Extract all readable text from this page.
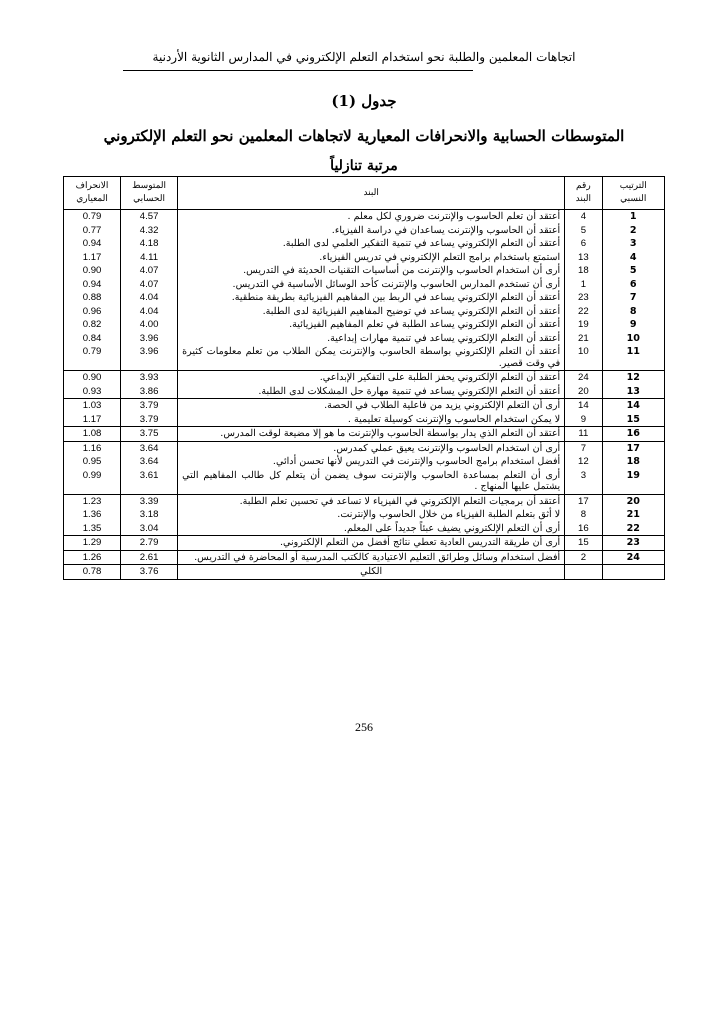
اتجاهات المعلمين والطلبة نحو استخدام التعلم الإلكتروني في المدارس الثانوية الأردنية
جدول (1)
المتوسطات الحسابية والانحرافات المعيارية لاتجاهات المعلمين نحو التعلم الإلكتروني
مرتبة تنازلياً
الترتيب النسبي	رقم البند	البند	المتوسط الحسابي	الانحراف المعياري
1	4	أعتقد أن تعلم الحاسوب والإنترنت ضروري لكل معلم .	4.57	0.79
2	5	أعتقد أن الحاسوب والإنترنت يساعدان في دراسة الفيزياء.	4.32	0.77
3	6	أعتقد أن التعلم الإلكتروني يساعد في تنمية التفكير العلمي لدى الطلبة.	4.18	0.94
4	13	استمتع باستخدام برامج التعلم الإلكتروني في تدريس الفيزياء.	4.11	1.17
5	18	أرى أن استخدام الحاسوب والإنترنت من أساسيات التقنيات الحديثة في التدريس.	4.07	0.90
6	1	أرى أن تستخدم المدارس الحاسوب والإنترنت كأحد الوسائل الأساسية في التدريس.	4.07	0.94
7	23	أعتقد أن التعلم الإلكتروني يساعد في الربط بين المفاهيم الفيزيائية بطريقة منطقية.	4.04	0.88
8	22	أعتقد أن التعلم الإلكتروني يساعد في توضيح المفاهيم الفيزيائية لدى الطلبة.	4.04	0.96
9	19	أعتقد أن التعلم الإلكتروني يساعد الطلبة في تعلم المفاهيم الفيزيائية.	4.00	0.82
10	21	أعتقد أن التعلم الإلكتروني يساعد في تنمية مهارات إبداعية.	3.96	0.84
11	10	أعتقد أن التعلم الإلكتروني بواسطة الحاسوب والإنترنت يمكن الطلاب من تعلم معلومات كثيرة في وقت قصير.	3.96	0.79
12	24	أعتقد أن التعلم الإلكتروني يحفز الطلبة على التفكير الإبداعي.	3.93	0.90
13	20	أعتقد أن التعلم الإلكتروني يساعد في تنمية مهارة حل المشكلات لدى الطلبة.	3.86	0.93
14	14	أرى أن التعلم الإلكتروني يزيد من فاعلية الطلاب في الحصة.	3.79	1.03
15	9	لا يمكن استخدام الحاسوب والإنترنت كوسيلة تعليمية .	3.79	1.17
16	11	أعتقد أن التعلم الذي يدار بواسطة الحاسوب والإنترنت ما هو إلا مضيعة لوقت المدرس.	3.75	1.08
17	7	أرى أن استخدام الحاسوب والإنترنت يعيق عملي كمدرس.	3.64	1.16
18	12	أفضل استخدام برامج الحاسوب والإنترنت في التدريس لأنها تحسن أدائي.	3.64	0.95
19	3	أرى أن التعلم بمساعدة الحاسوب والإنترنت سوف يضمن أن يتعلم كل طالب المفاهيم التي يشتمل عليها المنهاج .	3.61	0.99
20	17	أعتقد أن برمجيات التعلم الإلكتروني في الفيزياء لا تساعد في تحسين تعلم الطلبة.	3.39	1.23
21	8	لا أثق بتعلم الطلبة الفيزياء من خلال الحاسوب والإنترنت.	3.18	1.36
22	16	أرى أن التعلم الإلكتروني يضيف عبئاً جديداً على المعلم.	3.04	1.35
23	15	أرى أن طريقة التدريس العادية تعطي نتائج أفضل من التعلم الإلكتروني.	2.79	1.29
24	2	أفضل استخدام وسائل وطرائق التعليم الاعتيادية كالكتب المدرسية أو المحاضرة في التدريس.	2.61	1.26
		الكلي	3.76	0.78
256
